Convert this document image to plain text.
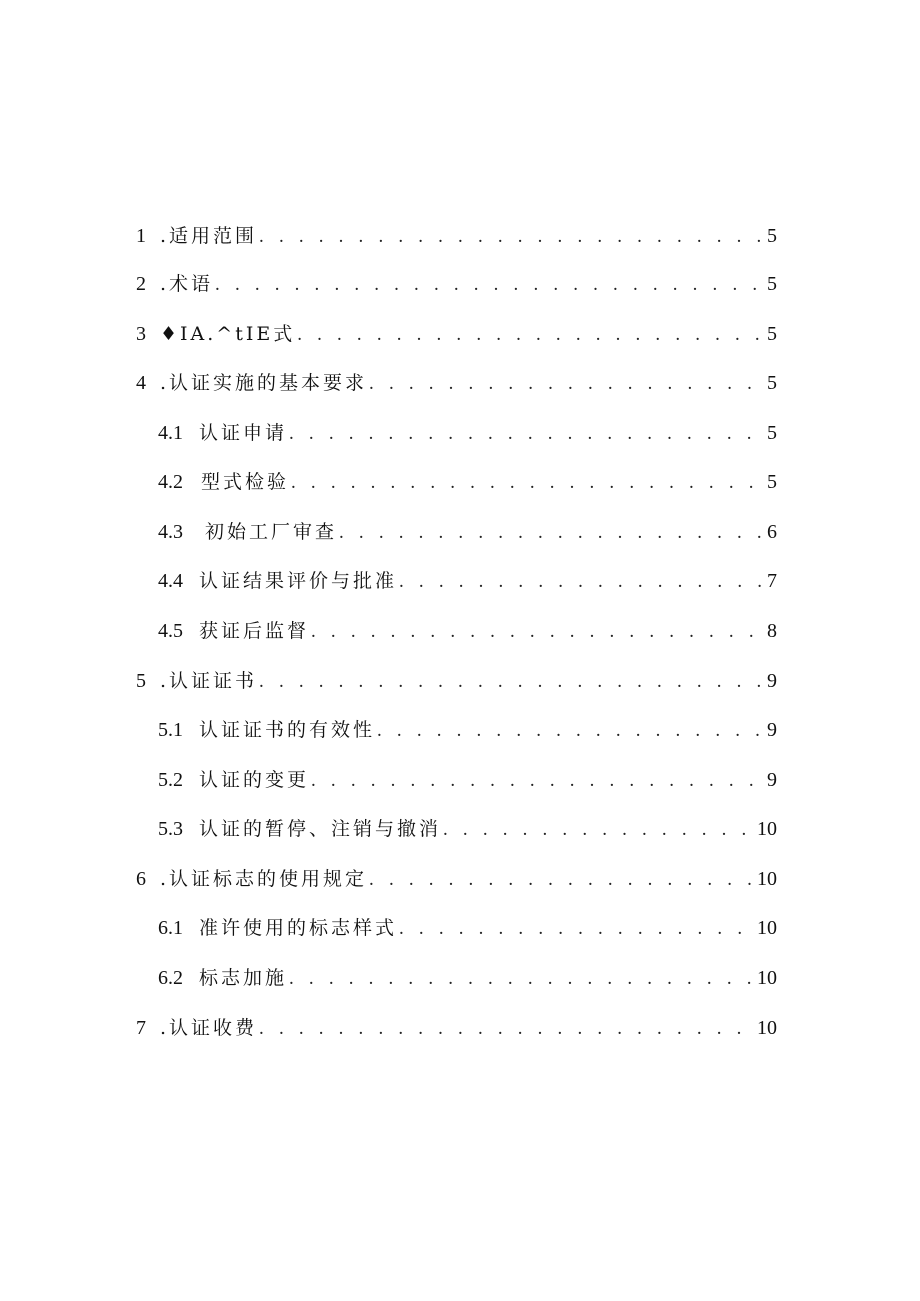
1 .适用范围 . . .	5
2 .术语 . . .	5
3 ♦IA.^tIE式 . . .	5
4 .认证实施的基本要求 . . .	5
4.1 认证申请 . . .	5
4.2 型式检验 . . .	5
4.3 初始工厂审查 . . .	6
4.4 认证结果评价与批准 . . .	7
4.5 获证后监督 . . .	8
5 .认证证书 . . .	9
5.1 认证证书的有效性 . . .	9
5.2 认证的变更 . . .	9
5.3 认证的暂停、注销与撤消 . . .	10
6 .认证标志的使用规定 . . .	10
6.1 准许使用的标志样式 . . .	10
6.2 标志加施 . . .	10
7 .认证收费 . . .	10
